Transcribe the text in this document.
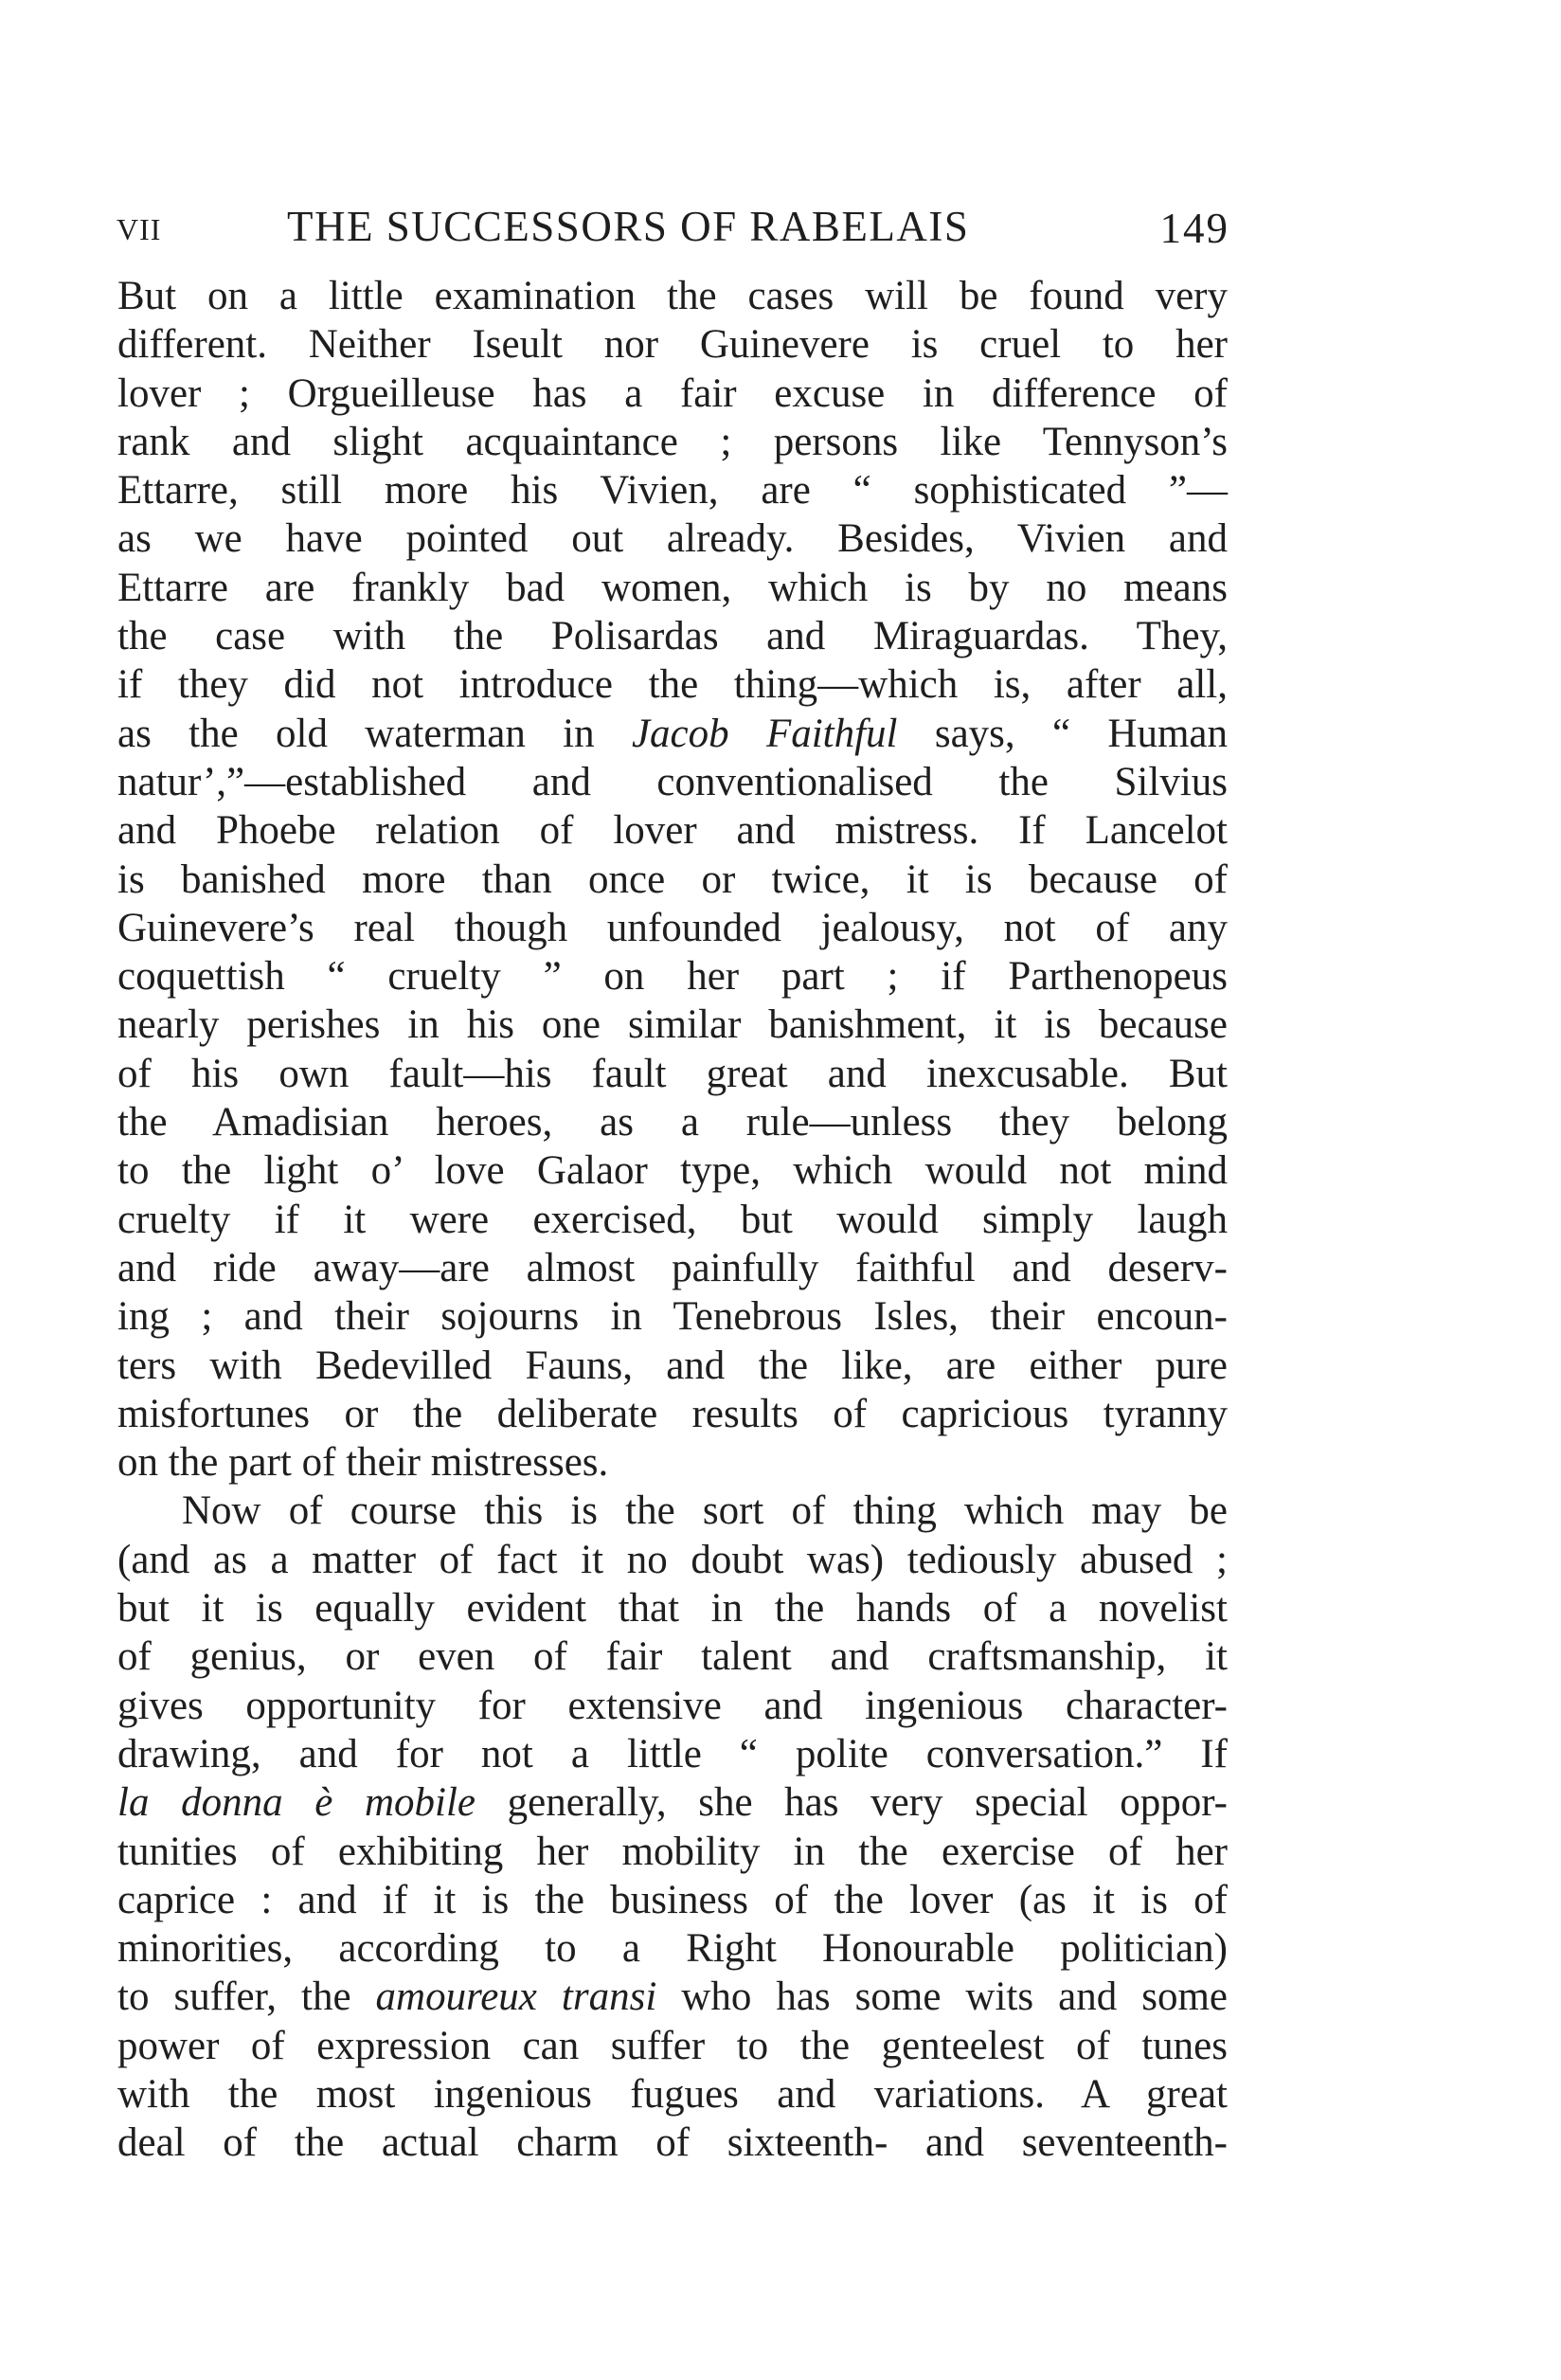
VII	THE SUCCESSORS OF RABELAIS	149
But on a little examination the cases will be found very
different. Neither Iseult nor Guinevere is cruel to her
lover ; Orgueilleuse has a fair excuse in difference of
rank and slight acquaintance ; persons like Tennyson’s
Ettarre, still more his Vivien, are “ sophisticated ”—
as we have pointed out already. Besides, Vivien and
Ettarre are frankly bad women, which is by no means
the case with the Polisardas and Miraguardas. They,
if they did not introduce the thing—which is, after all,
as the old waterman in Jacob Faithful says, “ Human
natur’,”—established and conventionalised the Silvius
and Phoebe relation of lover and mistress. If Lancelot
is banished more than once or twice, it is because of
Guinevere’s real though unfounded jealousy, not of any
coquettish “ cruelty ” on her part ; if Parthenopeus
nearly perishes in his one similar banishment, it is because
of his own fault—his fault great and inexcusable. But
the Amadisian heroes, as a rule—unless they belong
to the light o’ love Galaor type, which would not mind
cruelty if it were exercised, but would simply laugh
and ride away—are almost painfully faithful and deserv-
ing ; and their sojourns in Tenebrous Isles, their encoun-
ters with Bedevilled Fauns, and the like, are either pure
misfortunes or the deliberate results of capricious tyranny
on the part of their mistresses.
Now of course this is the sort of thing which may be
(and as a matter of fact it no doubt was) tediously abused ;
but it is equally evident that in the hands of a novelist
of genius, or even of fair talent and craftsmanship, it
gives opportunity for extensive and ingenious character-
drawing, and for not a little “ polite conversation.” If
la donna è mobile generally, she has very special oppor-
tunities of exhibiting her mobility in the exercise of her
caprice : and if it is the business of the lover (as it is of
minorities, according to a Right Honourable politician)
to suffer, the amoureux transi who has some wits and some
power of expression can suffer to the genteelest of tunes
with the most ingenious fugues and variations. A great
deal of the actual charm of sixteenth- and seventeenth-
